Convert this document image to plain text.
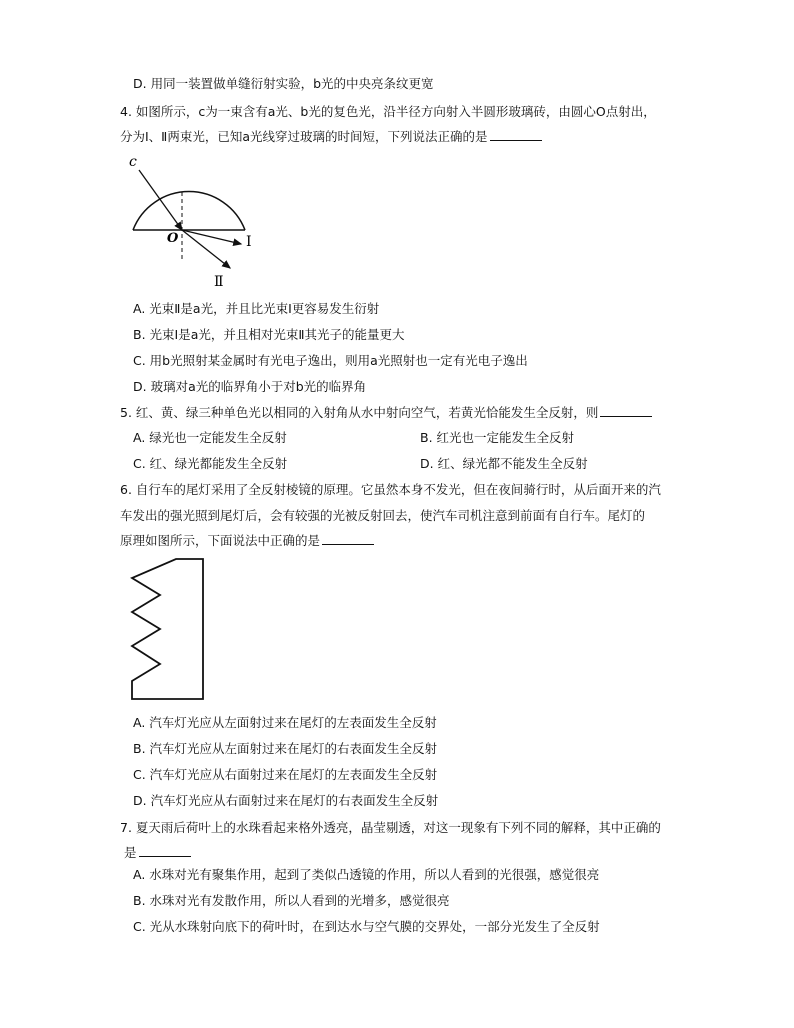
D. 用同一装置做单缝衍射实验，b光的中央亮条纹更宽
4. 如图所示，c为一束含有a光、b光的复色光，沿半径方向射入半圆形玻璃砖，由圆心O点射出，
分为Ⅰ、Ⅱ两束光，已知a光线穿过玻璃的时间短，下列说法正确的是
c
O	Ⅰ
Ⅱ
A. 光束Ⅱ是a光，并且比光束Ⅰ更容易发生衍射
B. 光束Ⅰ是a光，并且相对光束Ⅱ其光子的能量更大
C. 用b光照射某金属时有光电子逸出，则用a光照射也一定有光电子逸出
D. 玻璃对a光的临界角小于对b光的临界角
5. 红、黄、绿三种单色光以相同的入射角从水中射向空气，若黄光恰能发生全反射，则
A. 绿光也一定能发生全反射	B. 红光也一定能发生全反射
C. 红、绿光都能发生全反射	D. 红、绿光都不能发生全反射
6. 自行车的尾灯采用了全反射棱镜的原理。它虽然本身不发光，但在夜间骑行时，从后面开来的汽
车发出的强光照到尾灯后，会有较强的光被反射回去，使汽车司机注意到前面有自行车。尾灯的
原理如图所示，下面说法中正确的是
A. 汽车灯光应从左面射过来在尾灯的左表面发生全反射
B. 汽车灯光应从左面射过来在尾灯的右表面发生全反射
C. 汽车灯光应从右面射过来在尾灯的左表面发生全反射
D. 汽车灯光应从右面射过来在尾灯的右表面发生全反射
7. 夏天雨后荷叶上的水珠看起来格外透亮，晶莹剔透，对这一现象有下列不同的解释，其中正确的
是
A. 水珠对光有聚集作用，起到了类似凸透镜的作用，所以人看到的光很强，感觉很亮
B. 水珠对光有发散作用，所以人看到的光增多，感觉很亮
C. 光从水珠射向底下的荷叶时，在到达水与空气膜的交界处，一部分光发生了全反射
